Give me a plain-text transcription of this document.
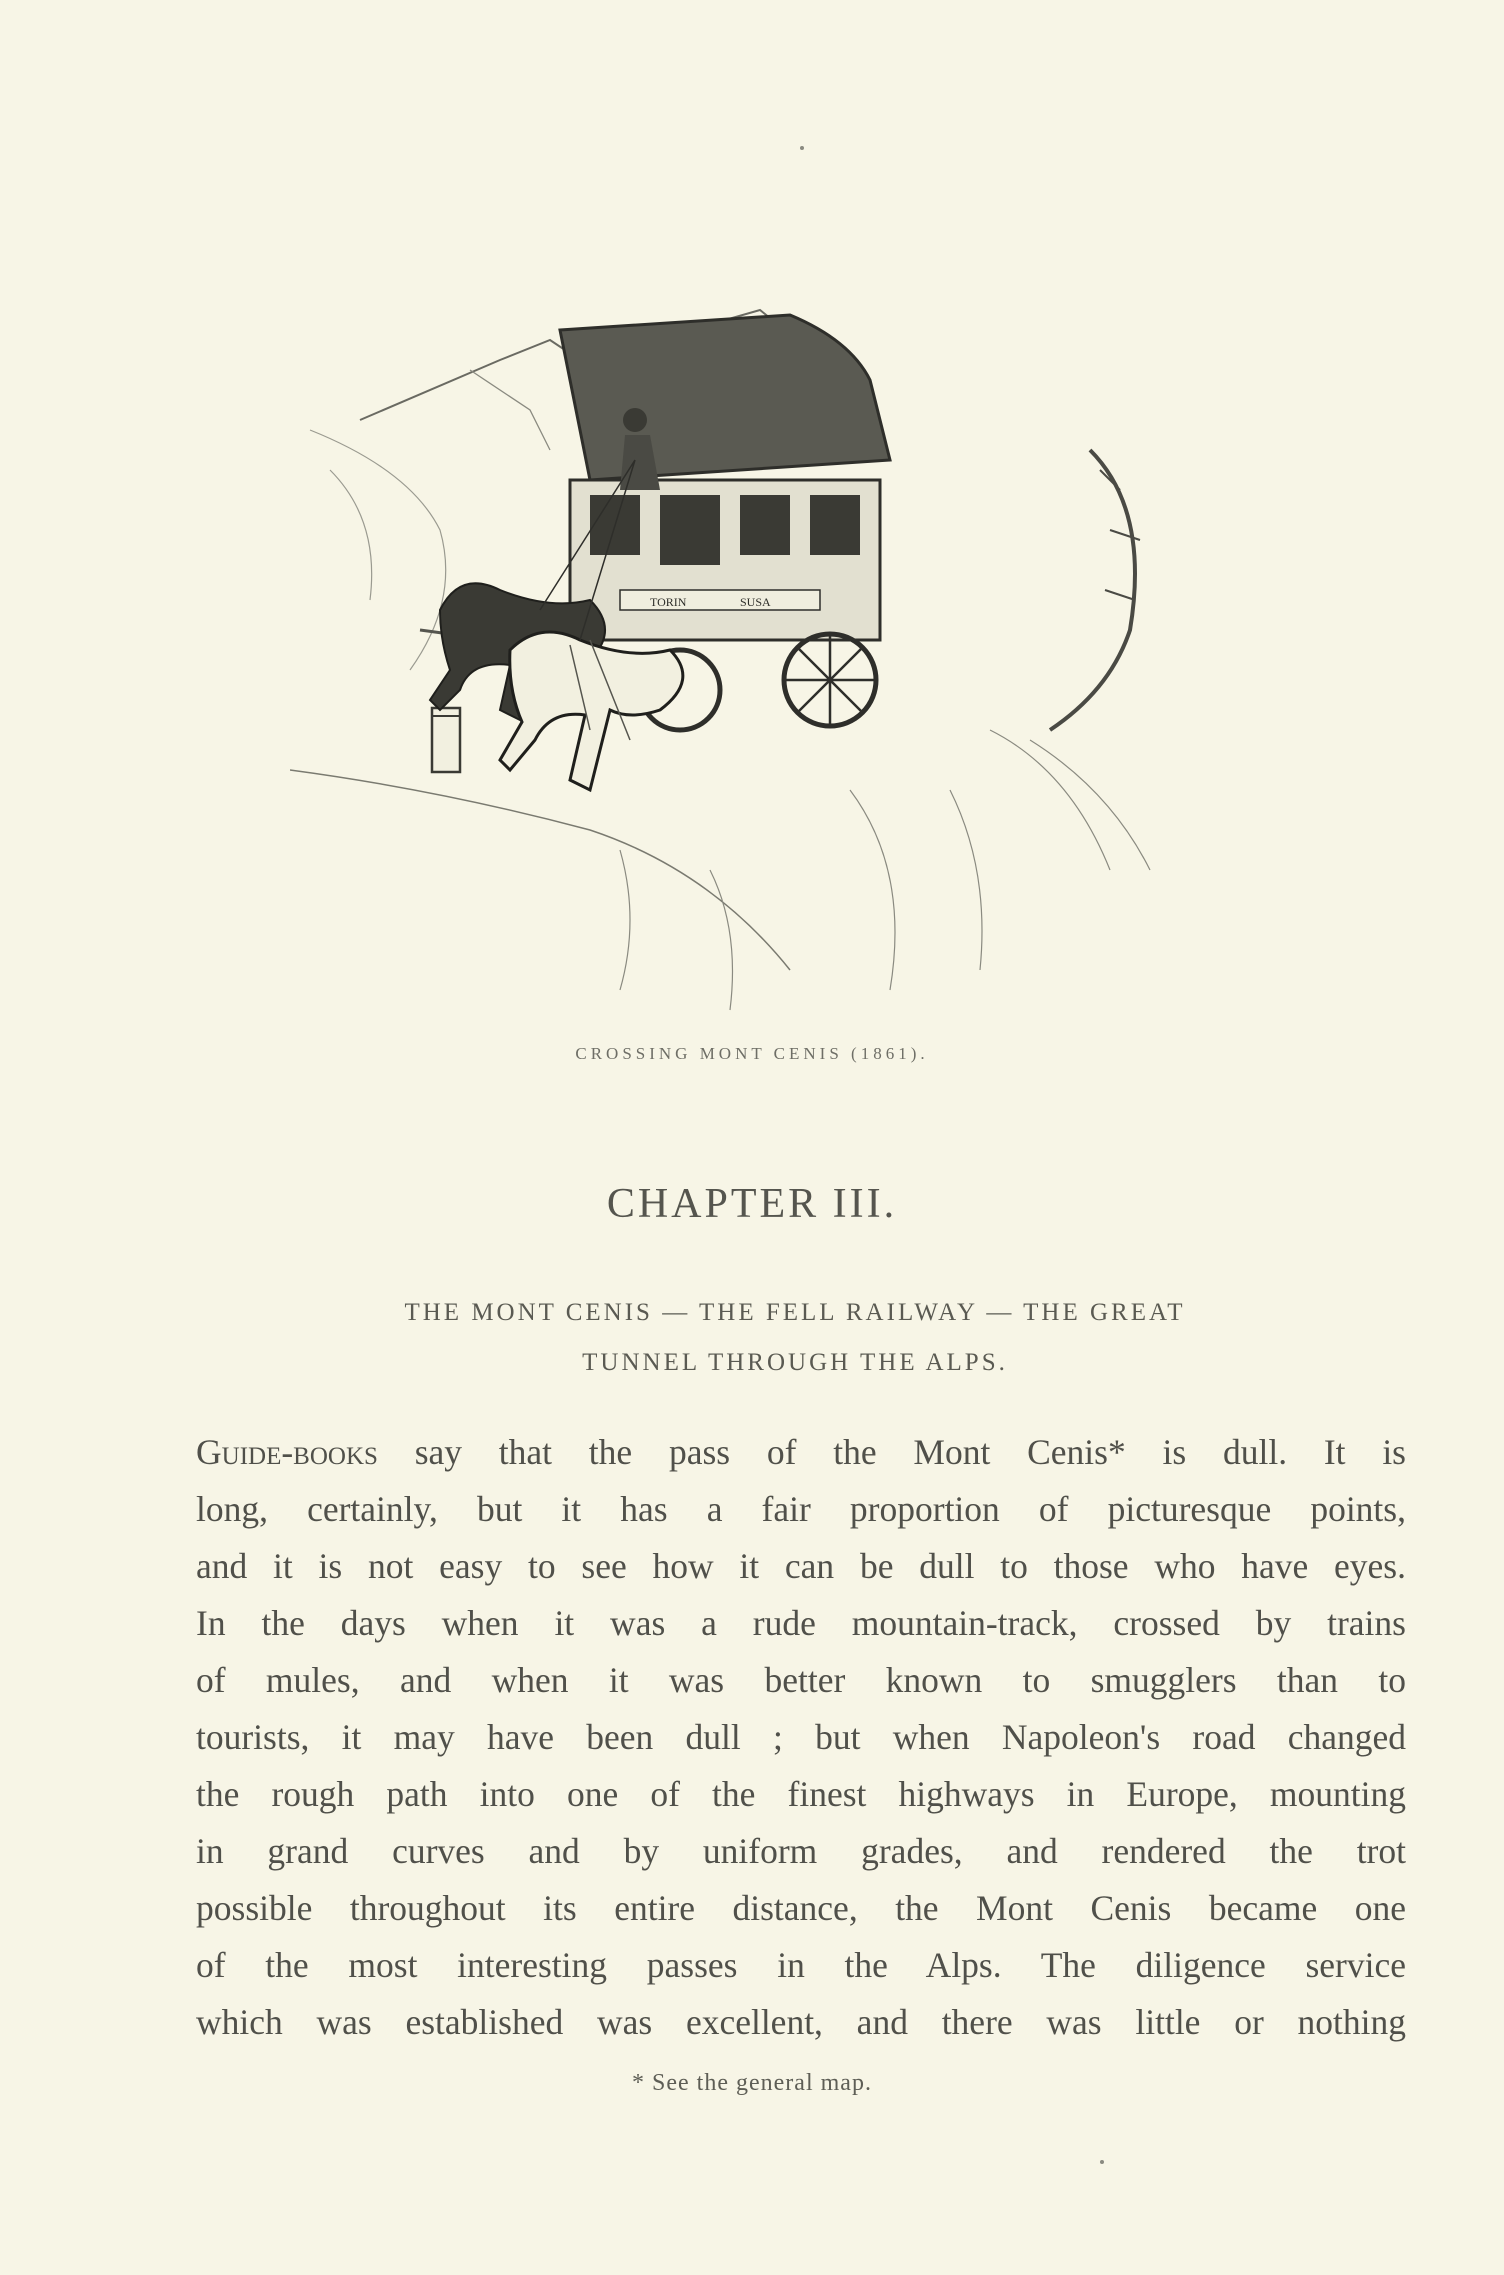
TORIN	SUSA
CROSSING MONT CENIS (1861).
CHAPTER III.
THE MONT CENIS — THE FELL RAILWAY — THE GREAT
TUNNEL THROUGH THE ALPS.
Guide-books say that the pass of the Mont Cenis* is dull. It is
long, certainly, but it has a fair proportion of picturesque points,
and it is not easy to see how it can be dull to those who have eyes.
In the days when it was a rude mountain-track, crossed by trains
of mules, and when it was better known to smugglers than to
tourists, it may have been dull ; but when Napoleon's road changed
the rough path into one of the finest highways in Europe, mounting
in grand curves and by uniform grades, and rendered the trot
possible throughout its entire distance, the Mont Cenis became one
of the most interesting passes in the Alps. The diligence service
which was established was excellent, and there was little or nothing
* See the general map.
